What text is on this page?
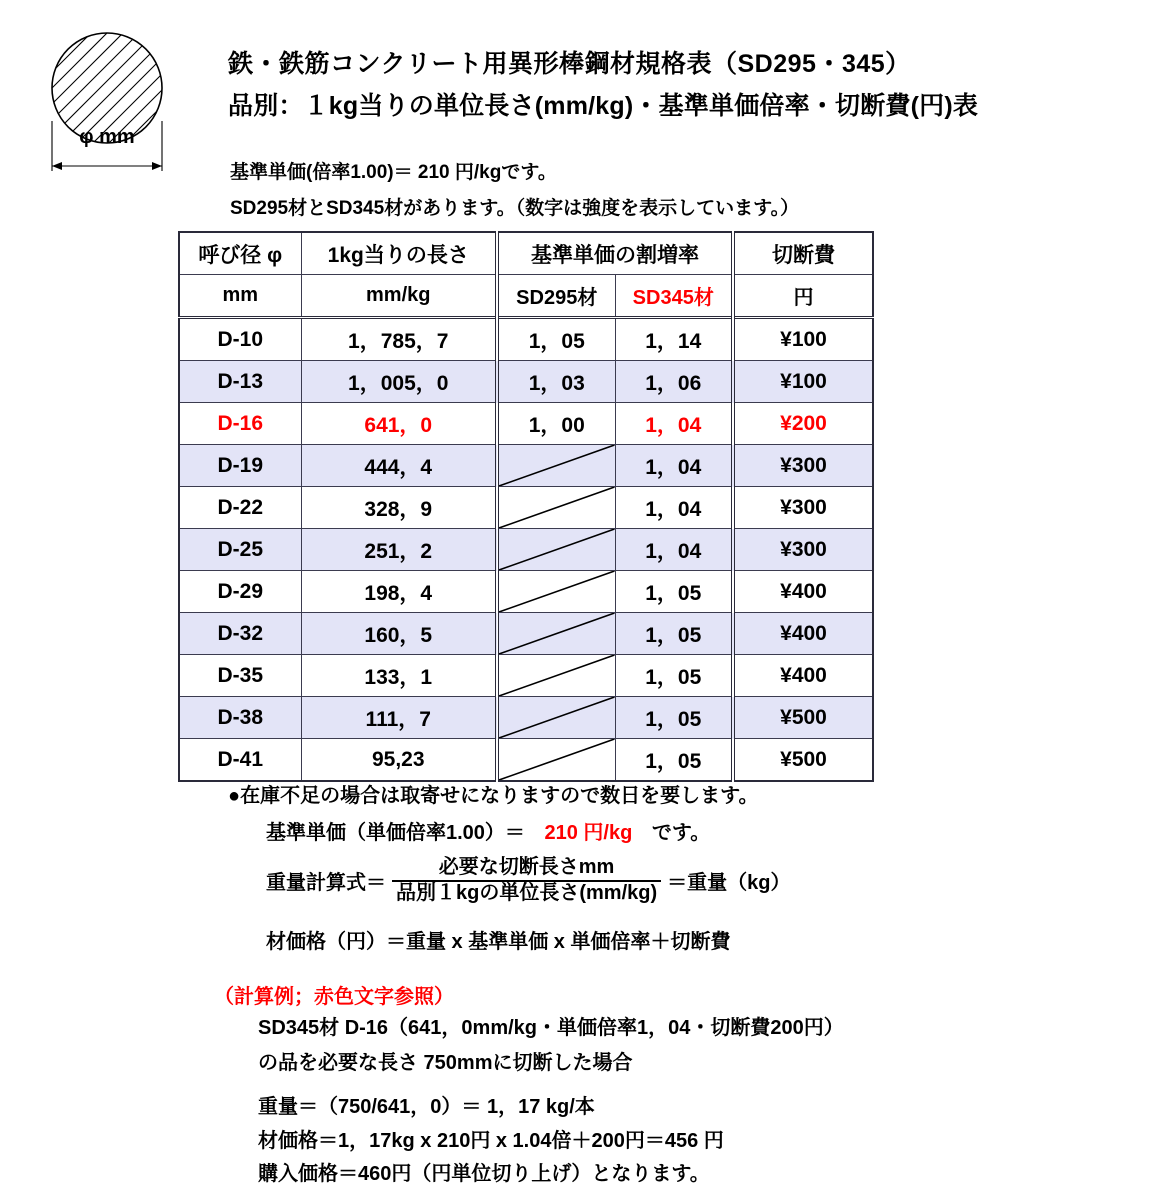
φ mm
鉄・鉄筋コンクリート用異形棒鋼材規格表（SD295・345）
品別：１kg当りの単位長さ(mm/kg)・基準単価倍率・切断費(円)表
基準単価(倍率1.00)＝ 210 円/kgです。
SD295材とSD345材があります。（数字は強度を表示しています。）
呼び径 φ	1kg当りの長さ	基準単価の割増率		切断費
mm	mm/kg	SD295材	SD345材	円
D-10	1，785，7	1，05	1，14	¥100
D-13	1，005，0	1，03	1，06	¥100
D-16	641，0	1，00	1，04	¥200
D-19	444，4		1，04	¥300
D-22	328，9		1，04	¥300
D-25	251，2		1，04	¥300
D-29	198，4		1，05	¥400
D-32	160，5		1，05	¥400
D-35	133，1		1，05	¥400
D-38	111，7		1，05	¥500
D-41	95,23		1，05	¥500
●在庫不足の場合は取寄せになりますので数日を要します。
基準単価（単価倍率1.00）＝ 210 円/kg です。
重量計算式＝ $\frac{\text{必要な切断長さmm}}{\text{品別１kgの単位長さ(mm/kg)}}$ ＝重量（kg）
材価格（円）＝重量 x 基準単価 x 単価倍率＋切断費
（計算例；赤色文字参照）
SD345材 D-16（641，0mm/kg・単価倍率1，04・切断費200円）
の品を必要な長さ 750mmに切断した場合
重量＝（750/641，0）＝ 1，17 kg/本
材価格＝1，17kg x 210円 x 1.04倍＋200円＝456 円
購入価格＝460円（円単位切り上げ）となります。
